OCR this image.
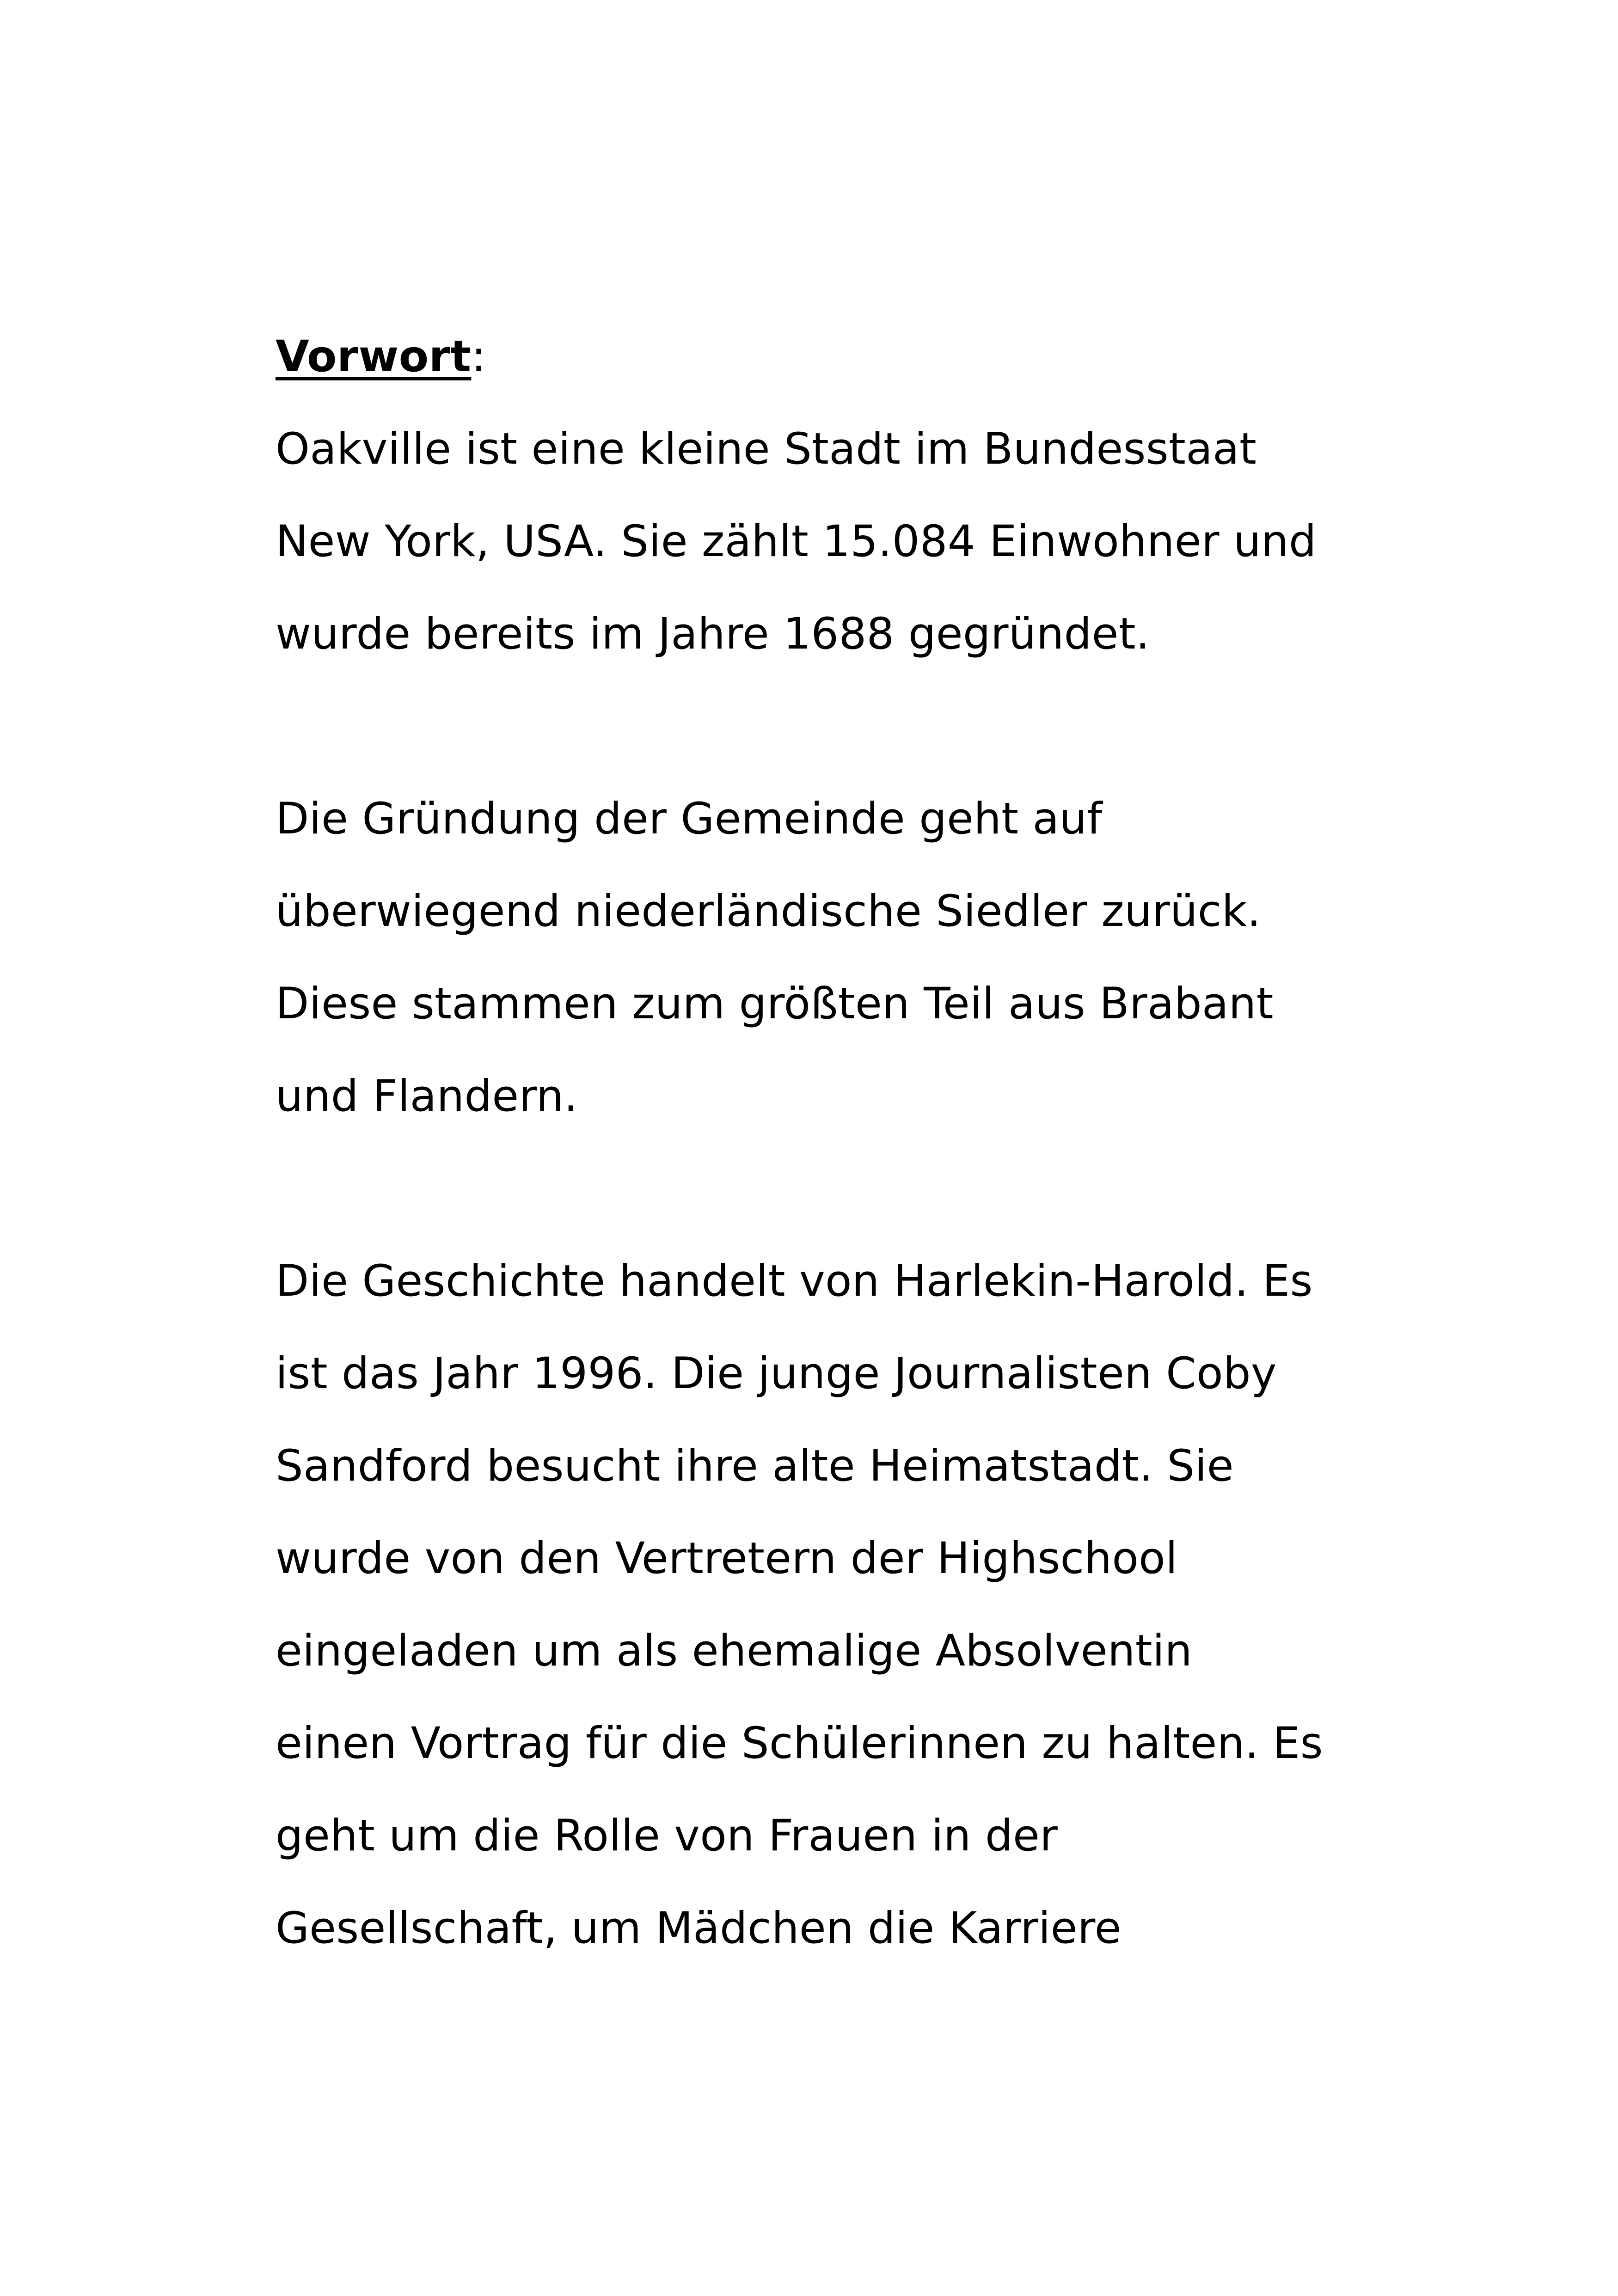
Vorwort:

Oakville ist eine kleine Stadt im Bundesstaat

New York, USA. Sie zählt 15.084 Einwohner und

wurde bereits im Jahre 1688 gegründet.

Die Gründung der Gemeinde geht auf

überwiegend niederländische Siedler zurück.

Diese stammen zum größten Teil aus Brabant

und Flandern.

Die Geschichte handelt von Harlekin-Harold. Es

ist das Jahr 1996. Die junge Journalisten Coby

Sandford besucht ihre alte Heimatstadt. Sie

wurde von den Vertretern der Highschool

eingeladen um als ehemalige Absolventin

einen Vortrag für die Schülerinnen zu halten. Es

geht um die Rolle von Frauen in der

Gesellschaft, um Mädchen die Karriere
